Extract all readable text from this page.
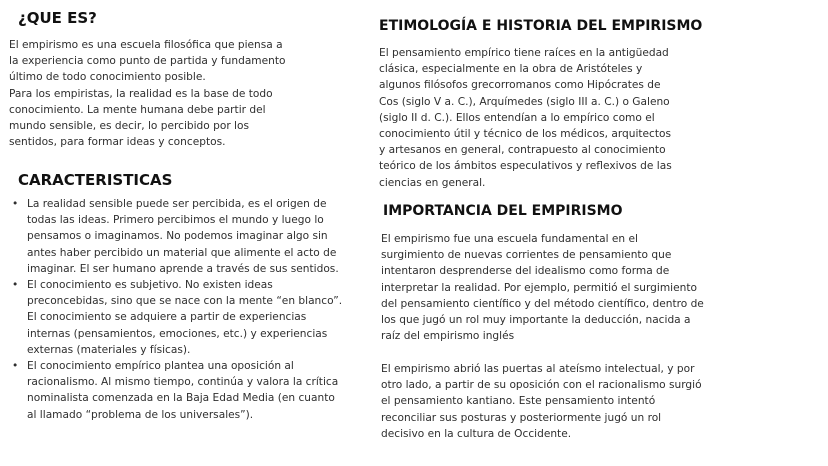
¿QUE ES?
El empirismo es una escuela filosófica que piensa a
la experiencia como punto de partida y fundamento
último de todo conocimiento posible.
Para los empiristas, la realidad es la base de todo
conocimiento. La mente humana debe partir del
mundo sensible, es decir, lo percibido por los
sentidos, para formar ideas y conceptos.
CARACTERISTICAS
• La realidad sensible puede ser percibida, es el origen de
todas las ideas. Primero percibimos el mundo y luego lo
pensamos o imaginamos. No podemos imaginar algo sin
antes haber percibido un material que alimente el acto de
imaginar. El ser humano aprende a través de sus sentidos.
• El conocimiento es subjetivo. No existen ideas
preconcebidas, sino que se nace con la mente “en blanco”.
El conocimiento se adquiere a partir de experiencias
internas (pensamientos, emociones, etc.) y experiencias
externas (materiales y físicas).
• El conocimiento empírico plantea una oposición al
racionalismo. Al mismo tiempo, continúa y valora la crítica
nominalista comenzada en la Baja Edad Media (en cuanto
al llamado “problema de los universales”).
ETIMOLOGÍA E HISTORIA DEL EMPIRISMO
El pensamiento empírico tiene raíces en la antigüedad
clásica, especialmente en la obra de Aristóteles y
algunos filósofos grecorromanos como Hipócrates de
Cos (siglo V a. C.), Arquímedes (siglo III a. C.) o Galeno
(siglo II d. C.). Ellos entendían a lo empírico como el
conocimiento útil y técnico de los médicos, arquitectos
y artesanos en general, contrapuesto al conocimiento
teórico de los ámbitos especulativos y reflexivos de las
ciencias en general.
IMPORTANCIA DEL EMPIRISMO
El empirismo fue una escuela fundamental en el
surgimiento de nuevas corrientes de pensamiento que
intentaron desprenderse del idealismo como forma de
interpretar la realidad. Por ejemplo, permitió el surgimiento
del pensamiento científico y del método científico, dentro de
los que jugó un rol muy importante la deducción, nacida a
raíz del empirismo inglés
El empirismo abrió las puertas al ateísmo intelectual, y por
otro lado, a partir de su oposición con el racionalismo surgió
el pensamiento kantiano. Este pensamiento intentó
reconciliar sus posturas y posteriormente jugó un rol
decisivo en la cultura de Occidente.
